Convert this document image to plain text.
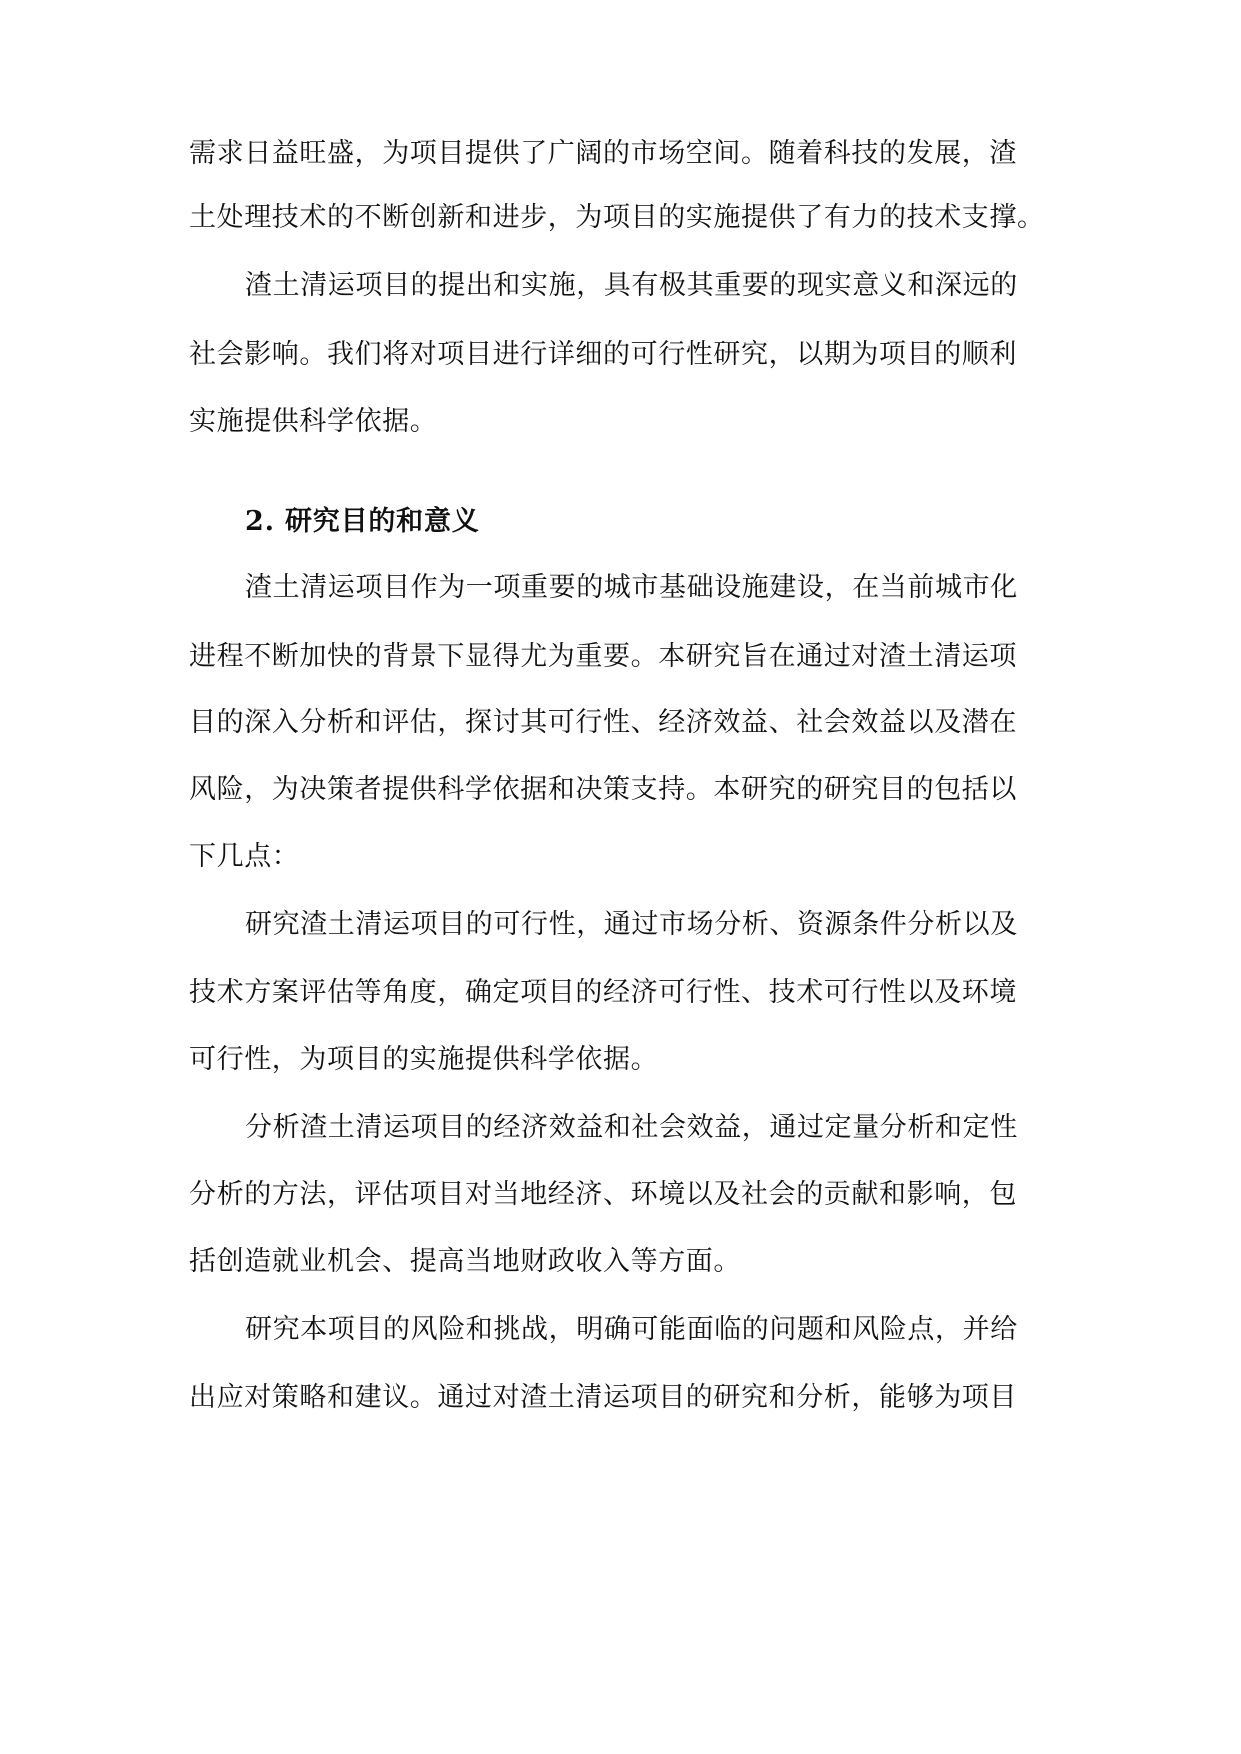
需求日益旺盛，为项目提供了广阔的市场空间。随着科技的发展，渣
土处理技术的不断创新和进步，为项目的实施提供了有力的技术支撑。
渣土清运项目的提出和实施，具有极其重要的现实意义和深远的
社会影响。我们将对项目进行详细的可行性研究，以期为项目的顺利
实施提供科学依据。
2. 研究目的和意义
渣土清运项目作为一项重要的城市基础设施建设，在当前城市化
进程不断加快的背景下显得尤为重要。本研究旨在通过对渣土清运项
目的深入分析和评估，探讨其可行性、经济效益、社会效益以及潜在
风险，为决策者提供科学依据和决策支持。本研究的研究目的包括以
下几点：
研究渣土清运项目的可行性，通过市场分析、资源条件分析以及
技术方案评估等角度，确定项目的经济可行性、技术可行性以及环境
可行性，为项目的实施提供科学依据。
分析渣土清运项目的经济效益和社会效益，通过定量分析和定性
分析的方法，评估项目对当地经济、环境以及社会的贡献和影响，包
括创造就业机会、提高当地财政收入等方面。
研究本项目的风险和挑战，明确可能面临的问题和风险点，并给
出应对策略和建议。通过对渣土清运项目的研究和分析，能够为项目
